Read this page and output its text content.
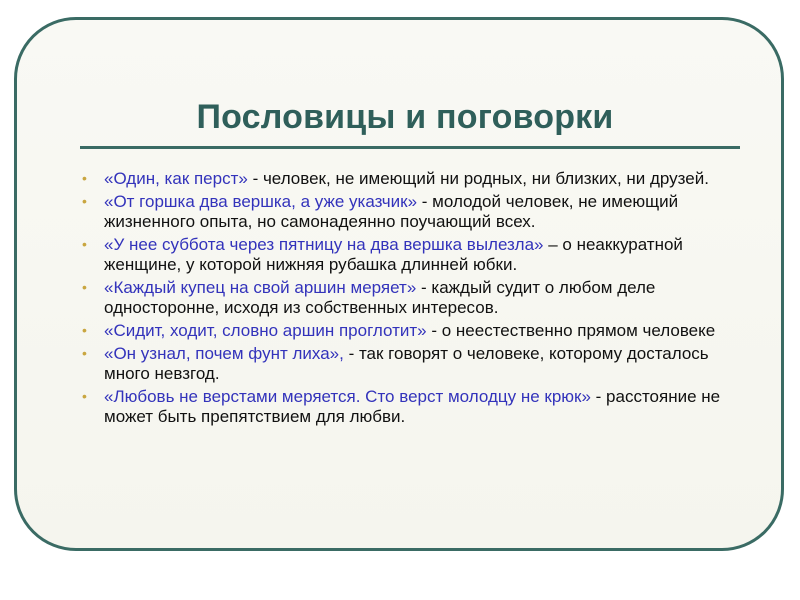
Пословицы и поговорки
• «Один, как перст» - человек, не имеющий ни родных, ни близких, ни друзей.
• «От горшка два вершка, а уже указчик» - молодой человек, не имеющий жизненного опыта, но самонадеянно поучающий всех.
• «У нее суббота через пятницу на два вершка вылезла» – о неаккуратной женщине, у которой нижняя рубашка длинней юбки.
• «Каждый купец на свой аршин меряет» - каждый судит о любом деле односторонне, исходя из собственных интересов.
• «Сидит, ходит, словно аршин проглотит» - о неестественно прямом человеке
• «Он узнал, почем фунт лиха», - так говорят о человеке, которому досталось много невзгод.
• «Любовь не верстами меряется. Сто верст молодцу не крюк» - расстояние не может быть препятствием для любви.
